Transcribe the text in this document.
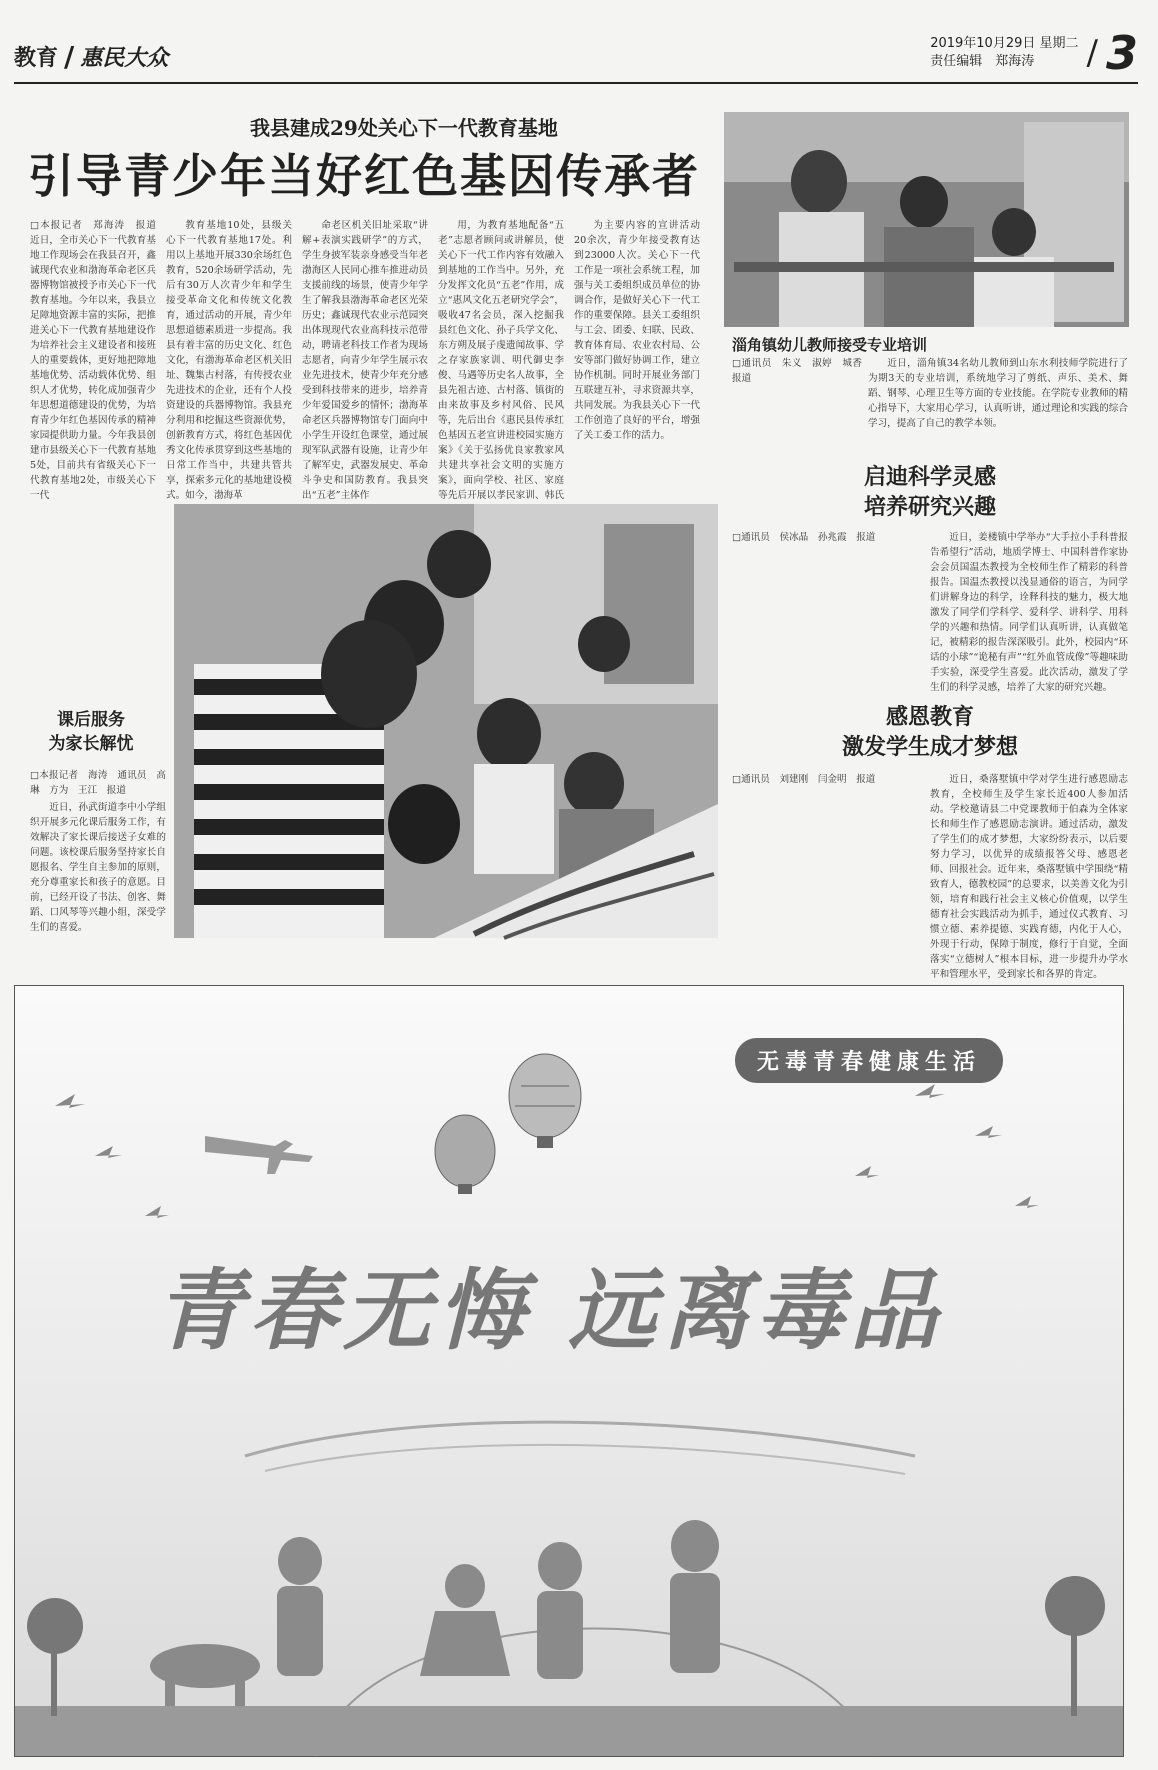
教育 / 惠民大众
2019年10月29日 星期二
责任编辑　郑海涛	/ 3
我县建成29处关心下一代教育基地
引导青少年当好红色基因传承者

□本报记者　郑海涛　报道　近日，全市关心下一代教育基地工作现场会在我县召开，鑫诚现代农业和渤海革命老区兵器博物馆被授予市关心下一代教育基地。今年以来，我县立足障地资源丰富的实际，把推进关心下一代教育基地建设作为培养社会主义建设者和接班人的重要载体，更好地把障地基地优势、活动载体优势、组织人才优势，转化成加强青少年思想道德建设的优势，为培育青少年红色基因传承的精神家园提供助力量。今年我县创建市县级关心下一代教育基地5处，目前共有省级关心下一代教育基地2处，市级关心下一代

教育基地10处，县级关心下一代教育基地17处。利用以上基地开展330余场红色教育，520余场研学活动，先后有30万人次青少年和学生接受革命文化和传统文化教育，通过活动的开展，青少年思想道德素质进一步提高。我县有着丰富的历史文化、红色文化，有渤海革命老区机关旧址、魏集古村落，有传授农业先进技术的企业，还有个人投资建设的兵器博物馆。我县充分利用和挖掘这些资源优势，创新教育方式，将红色基因优秀文化传承贯穿到这些基地的日常工作当中，共建共管共享，探索多元化的基地建设模式。如今，渤海革

命老区机关旧址采取“讲解+表演实践研学”的方式，学生身披军装亲身感受当年老渤海区人民同心推车推进动员支援前线的场景，使青少年学生了解我县渤海革命老区光荣历史；鑫诚现代农业示范园突出体现现代农业高科技示范带动，聘请老科技工作者为现场志愿者，向青少年学生展示农业先进技术，使青少年充分感受到科技带来的进步，培养青少年爱国爱乡的情怀；渤海革命老区兵器博物馆专门面向中小学生开设红色课堂，通过展现军队武器有设施，让青少年了解军史，武器发展史、革命斗争史和国防教育。我县突出“五老”主体作

用，为教育基地配备“五老”志愿者顾问或讲解员，使关心下一代工作内容有效融入到基地的工作当中。另外，充分发挥文化员“五老”作用，成立“惠风文化五老研究学会”，吸收47名会员，深入挖掘我县红色文化、孙子兵学文化、东方朔及展子虔遗闻故事、学之存家族家训、明代御史李俊、马遇等历史名人故事，全县先祖古迹、古村落、镇街的由来故事及乡村风俗、民风等，先后出台《惠民县传承红色基因五老宣讲进校园实施方案》《关于弘扬优良家教家风共建共享社会文明的实施方案》，面向学校、社区、家庭等先后开展以孝民家训、韩氏

为主要内容的宣讲活动20余次，青少年接受教育达到23000人次。关心下一代工作是一项社会系统工程，加强与关工委组织成员单位的协调合作，是做好关心下一代工作的重要保障。县关工委组织与工会、团委、妇联、民政、教育体育局、农业农村局、公安等部门做好协调工作，建立协作机制。同时开展业务部门互联建互补，寻求资源共享，共同发展。为我县关心下一代工作创造了良好的平台，增强了关工委工作的活力。

淄角镇幼儿教师接受专业培训

□通讯员　朱义　淑婷　城香　报道

近日，淄角镇34名幼儿教师到山东水利技师学院进行了为期3天的专业培训，系统地学习了剪纸、声乐、美术、舞蹈、钢琴、心理卫生等方面的专业技能。在学院专业教师的精心指导下，大家用心学习，认真听讲，通过理论和实践的综合学习，提高了自己的教学本领。

启迪科学灵感
培养研究兴趣

□通讯员　侯冰晶　孙兆霞　报道	近日，姜楼镇中学举办“大手拉小手科普报告希望行”活动，地质学博士、中国科普作家协会会员国温杰教授为全校师生作了精彩的科普报告。国温杰教授以浅显通俗的语言，为同学们讲解身边的科学，诠释科技的魅力，极大地激发了同学们学科学、爱科学、讲科学、用科学的兴趣和热情。同学们认真听讲，认真做笔记，被精彩的报告深深吸引。此外，校园内“环话的小球”“诡秘有声”“红外血管成像”等趣味助手实验，深受学生喜爱。此次活动，激发了学生们的科学灵感，培养了大家的研究兴趣。

感恩教育
激发学生成才梦想

□通讯员　刘建刚　闫金明　报道	近日，桑落墅镇中学对学生进行感恩励志教育，全校师生及学生家长近400人参加活动。学校邀请县二中党课教师于伯森为全体家长和师生作了感恩励志演讲。通过活动，激发了学生们的成才梦想，大家纷纷表示，以后要努力学习，以优异的成绩报答父母、感恩老师、回报社会。近年来，桑落墅镇中学围绕“精致育人，德教校园”的总要求，以美善文化为引领，培育和践行社会主义核心价值观，以学生德育社会实践活动为抓手，通过仪式教育、习惯立德、素养提德、实践育德，内化于人心，外现于行动，保障于制度，修行于自觉，全面落实“立德树人”根本目标，进一步提升办学水平和管理水平，受到家长和各界的肯定。

课后服务
为家长解忧

□本报记者　海涛　通讯员　高琳　方为　王江　报道

近日，孙武街道李中小学组织开展多元化课后服务工作，有效解决了家长课后接送子女难的问题。该校课后服务坚持家长自愿报名、学生自主参加的原则，充分尊重家长和孩子的意愿。目前，已经开设了书法、创客、舞蹈、口风琴等兴趣小组，深受学生们的喜爱。

无毒青春健康生活
青春无悔 远离毒品
